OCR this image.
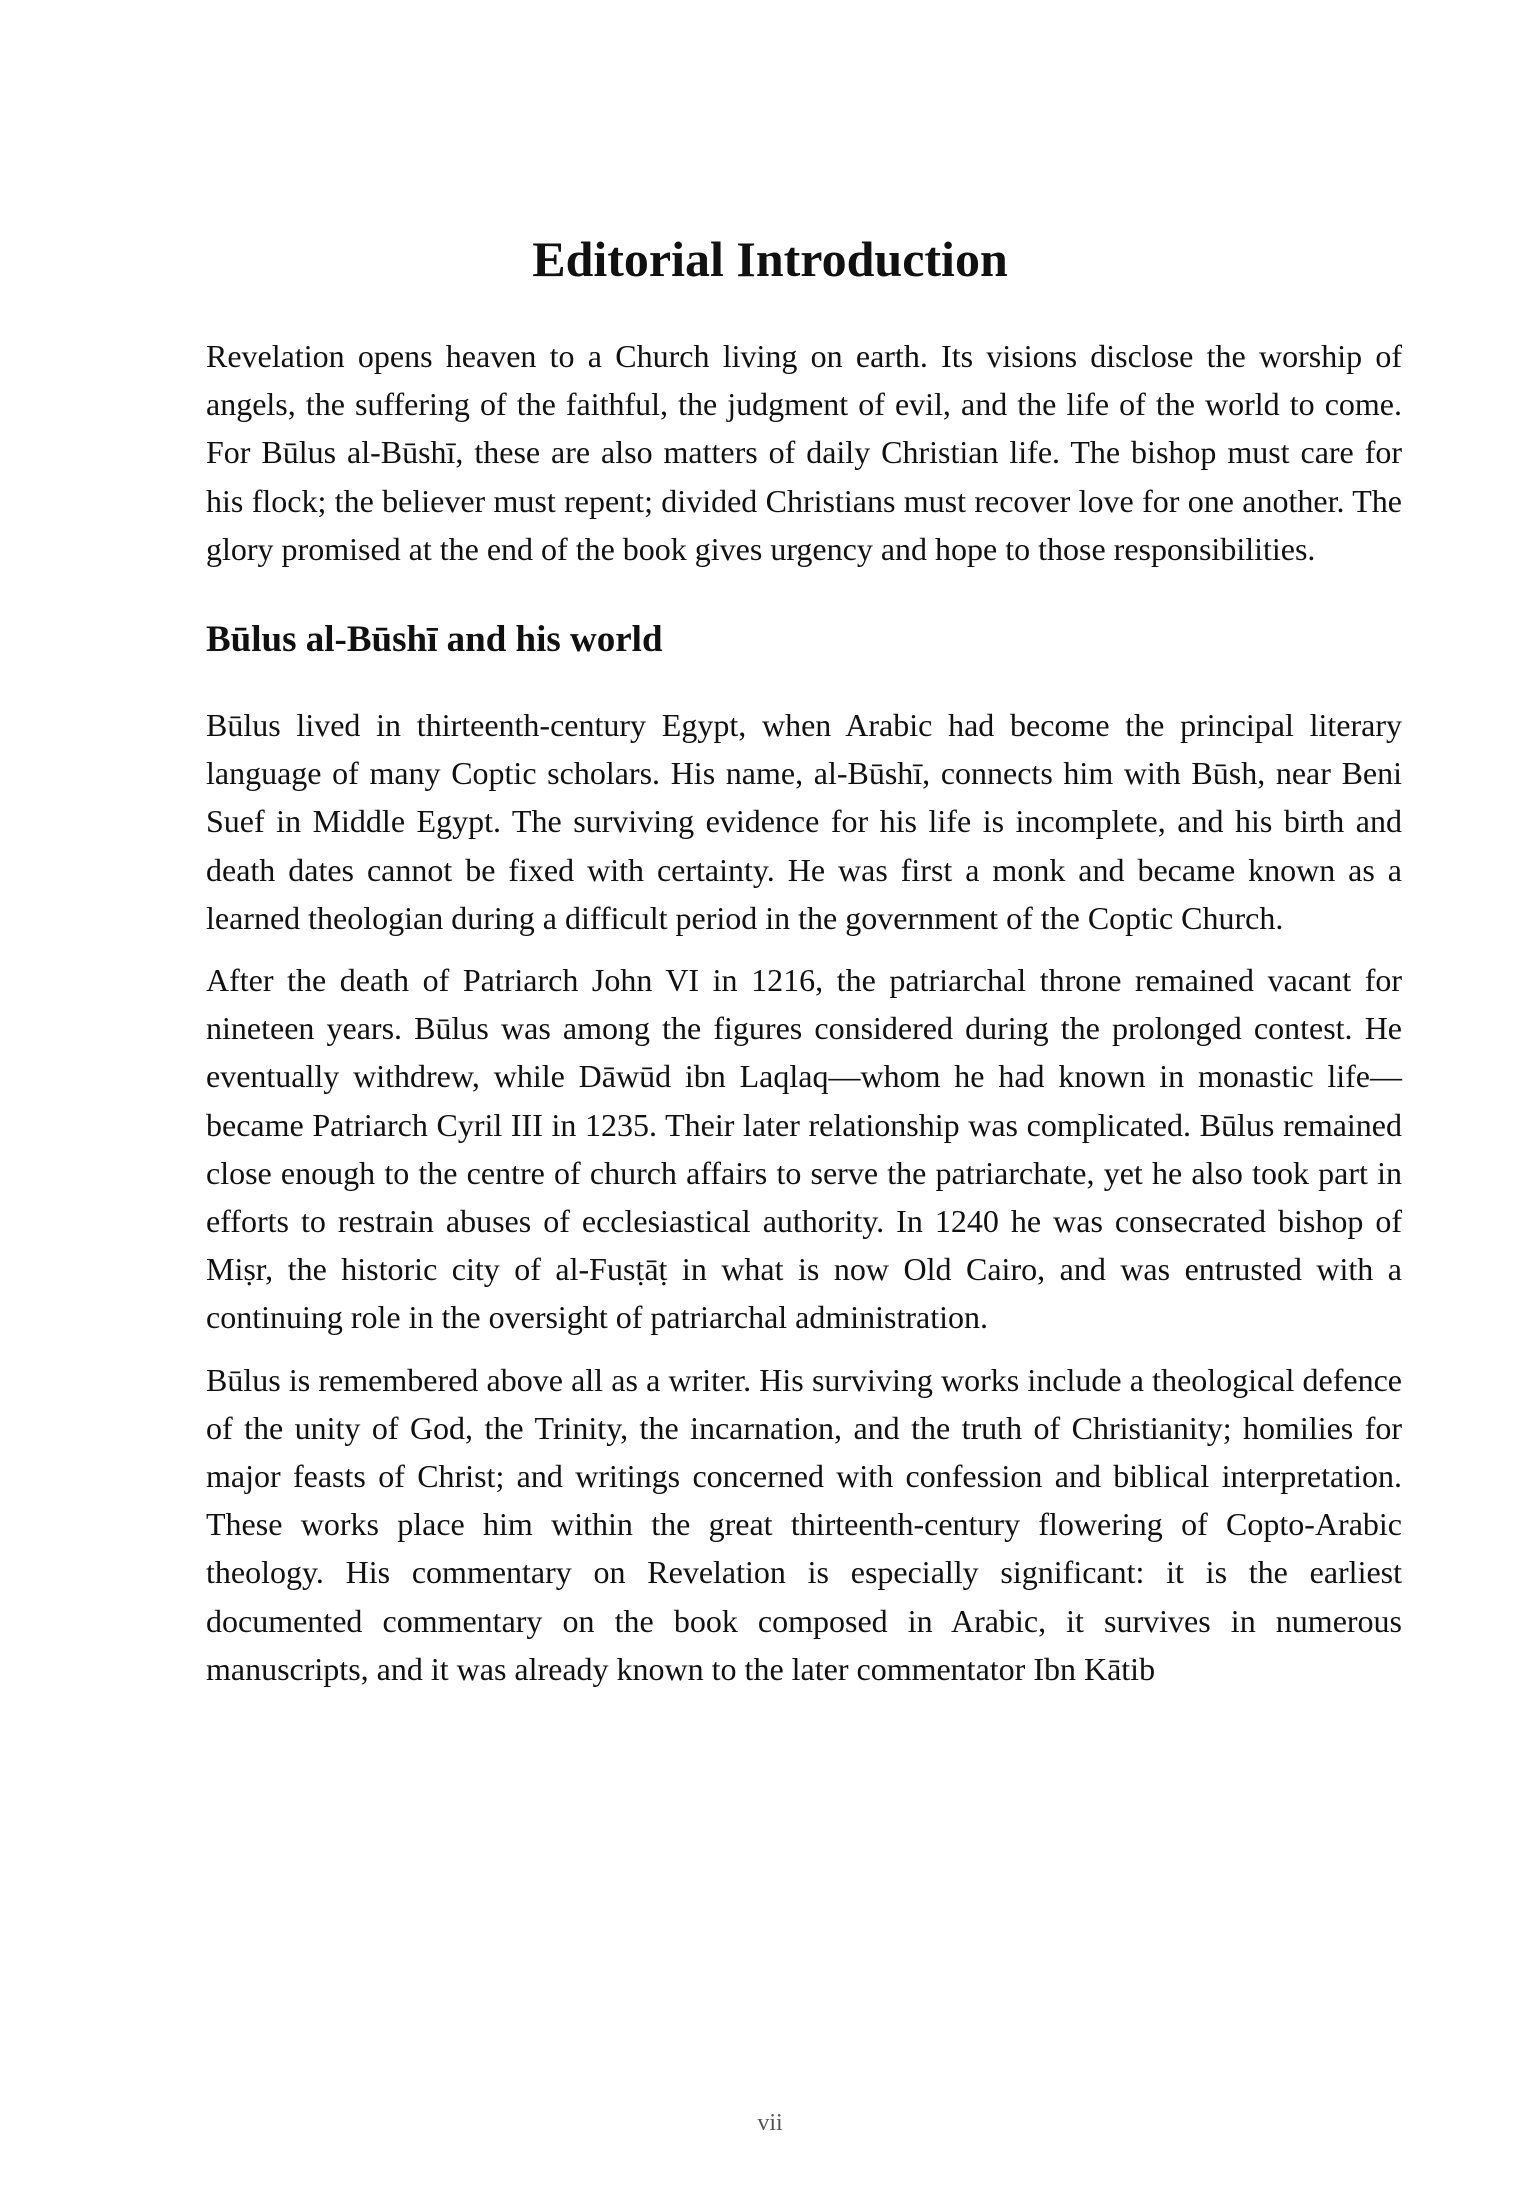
Editorial Introduction

Revelation opens heaven to a Church living on earth. Its visions disclose the worship of angels, the suffering of the faithful, the judgment of evil, and the life of the world to come. For Būlus al-Būshī, these are also matters of daily Christian life. The bishop must care for his flock; the believer must repent; divided Christians must recover love for one another. The glory promised at the end of the book gives urgency and hope to those responsibilities.

Būlus al-Būshī and his world

Būlus lived in thirteenth-century Egypt, when Arabic had become the principal literary language of many Coptic scholars. His name, al-Būshī, connects him with Būsh, near Beni Suef in Middle Egypt. The surviving evidence for his life is incomplete, and his birth and death dates cannot be fixed with certainty. He was first a monk and became known as a learned theologian during a difficult period in the government of the Coptic Church.

After the death of Patriarch John VI in 1216, the patriarchal throne remained vacant for nineteen years. Būlus was among the figures considered during the prolonged contest. He eventually withdrew, while Dāwūd ibn Laqlaq—whom he had known in monastic life—became Patriarch Cyril III in 1235. Their later relationship was complicated. Būlus remained close enough to the centre of church affairs to serve the patriarchate, yet he also took part in efforts to restrain abuses of ecclesiastical authority. In 1240 he was consecrated bishop of Miṣr, the historic city of al-Fusṭāṭ in what is now Old Cairo, and was entrusted with a continuing role in the oversight of patriarchal administration.

Būlus is remembered above all as a writer. His surviving works include a theological defence of the unity of God, the Trinity, the incarnation, and the truth of Christianity; homilies for major feasts of Christ; and writings concerned with confession and biblical interpretation. These works place him within the great thirteenth-century flowering of Copto-Arabic theology. His commentary on Revelation is especially significant: it is the earliest documented commentary on the book composed in Arabic, it survives in numerous manuscripts, and it was already known to the later commentator Ibn Kātib

vii
